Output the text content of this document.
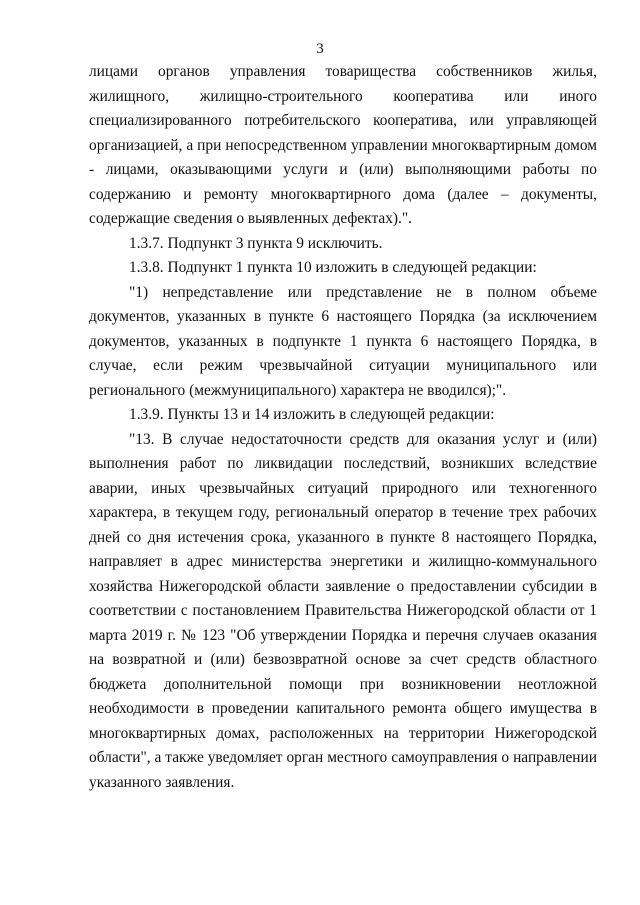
3

лицами органов управления товарищества собственников жилья, жилищного, жилищно-строительного кооператива или иного специализированного потребительского кооператива, или управляющей организацией, а при непосредственном управлении многоквартирным домом - лицами, оказывающими услуги и (или) выполняющими работы по содержанию и ремонту многоквартирного дома (далее – документы, содержащие сведения о выявленных дефектах).".

1.3.7. Подпункт 3 пункта 9 исключить.

1.3.8. Подпункт 1 пункта 10 изложить в следующей редакции:

"1) непредставление или представление не в полном объеме документов, указанных в пункте 6 настоящего Порядка (за исключением документов, указанных в подпункте 1 пункта 6 настоящего Порядка, в случае, если режим чрезвычайной ситуации муниципального или регионального (межмуниципального) характера не вводился);".

1.3.9. Пункты 13 и 14 изложить в следующей редакции:

"13. В случае недостаточности средств для оказания услуг и (или) выполнения работ по ликвидации последствий, возникших вследствие аварии, иных чрезвычайных ситуаций природного или техногенного характера, в текущем году, региональный оператор в течение трех рабочих дней со дня истечения срока, указанного в пункте 8 настоящего Порядка, направляет в адрес министерства энергетики и жилищно-коммунального хозяйства Нижегородской области заявление о предоставлении субсидии в соответствии с постановлением Правительства Нижегородской области от 1 марта 2019 г. № 123 "Об утверждении Порядка и перечня случаев оказания на возвратной и (или) безвозвратной основе за счет средств областного бюджета дополнительной помощи при возникновении неотложной необходимости в проведении капитального ремонта общего имущества в многоквартирных домах, расположенных на территории Нижегородской области", а также уведомляет орган местного самоуправления о направлении указанного заявления.
